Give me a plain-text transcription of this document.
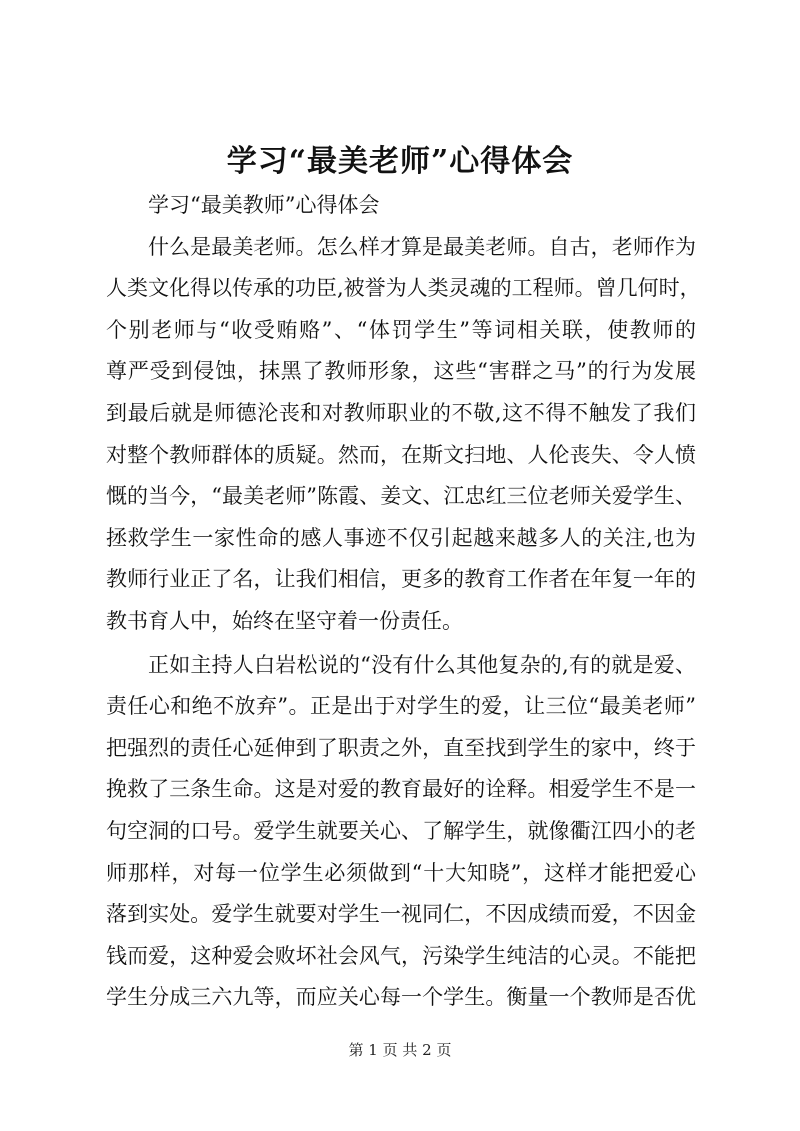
学习“最美老师”心得体会
学习“最美教师”心得体会
什么是最美老师。怎么样才算是最美老师。自古，老师作为
人类文化得以传承的功臣,被誉为人类灵魂的工程师。曾几何时，
个别老师与“收受贿赂”、“体罚学生”等词相关联，使教师的
尊严受到侵蚀，抹黑了教师形象，这些“害群之马”的行为发展
到最后就是师德沦丧和对教师职业的不敬,这不得不触发了我们
对整个教师群体的质疑。然而，在斯文扫地、人伦丧失、令人愤
慨的当今，“最美老师”陈霞、姜文、江忠红三位老师关爱学生、
拯救学生一家性命的感人事迹不仅引起越来越多人的关注,也为
教师行业正了名，让我们相信，更多的教育工作者在年复一年的
教书育人中，始终在坚守着一份责任。
正如主持人白岩松说的“没有什么其他复杂的,有的就是爱、
责任心和绝不放弃”。正是出于对学生的爱，让三位“最美老师”
把强烈的责任心延伸到了职责之外，直至找到学生的家中，终于
挽救了三条生命。这是对爱的教育最好的诠释。相爱学生不是一
句空洞的口号。爱学生就要关心、了解学生，就像衢江四小的老
师那样，对每一位学生必须做到“十大知晓”，这样才能把爱心
落到实处。爱学生就要对学生一视同仁，不因成绩而爱，不因金
钱而爱，这种爱会败坏社会风气，污染学生纯洁的心灵。不能把
学生分成三六九等，而应关心每一个学生。衡量一个教师是否优
第 1 页 共 2 页
